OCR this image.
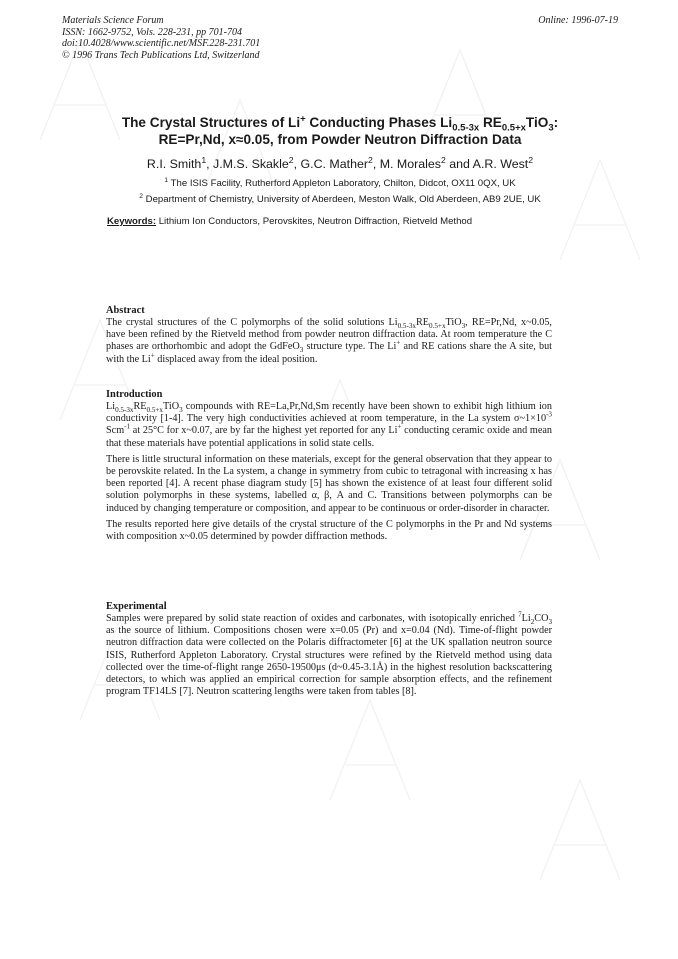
Materials Science Forum
ISSN: 1662-9752, Vols. 228-231, pp 701-704
doi:10.4028/www.scientific.net/MSF.228-231.701
© 1996 Trans Tech Publications Ltd, Switzerland
Online: 1996-07-19
The Crystal Structures of Li+ Conducting Phases $Li_{0.5-3x}$ $RE_{0.5+x}TiO_3$:
RE=Pr,Nd, x≈0.05, from Powder Neutron Diffraction Data
R.I. Smith$^1$, J.M.S. Skakle$^2$, G.C. Mather$^2$, M. Morales$^2$ and A.R. West$^2$
$^1$ The ISIS Facility, Rutherford Appleton Laboratory, Chilton, Didcot, OX11 0QX, UK
$^2$ Department of Chemistry, University of Aberdeen, Meston Walk, Old Aberdeen, AB9 2UE, UK
Keywords: Lithium Ion Conductors, Perovskites, Neutron Diffraction, Rietveld Method

Abstract

The crystal structures of the C polymorphs of the solid solutions $Li_{0.5-3x}RE_{0.5+x}TiO_3$, RE=Pr,Nd, x~0.05, have been refined by the Rietveld method from powder neutron diffraction data. At room temperature the C phases are orthorhombic and adopt the GdFeO$_3$ structure type. The Li+ and RE cations share the A site, but with the Li+ displaced away from the ideal position.

Introduction

$Li_{0.5-3x}RE_{0.5+x}TiO_3$ compounds with RE=La,Pr,Nd,Sm recently have been shown to exhibit high lithium ion conductivity [1-4]. The very high conductivities achieved at room temperature, in the La system $\sigma\sim 1\times 10^{-3}$ Scm$^{-1}$ at 25°C for x~0.07, are by far the highest yet reported for any Li+ conducting ceramic oxide and mean that these materials have potential applications in solid state cells.

There is little structural information on these materials, except for the general observation that they appear to be perovskite related. In the La system, a change in symmetry from cubic to tetragonal with increasing x has been reported [4]. A recent phase diagram study [5] has shown the existence of at least four different solid solution polymorphs in these systems, labelled α, β, A and C. Transitions between polymorphs can be induced by changing temperature or composition, and appear to be continuous or order-disorder in character.

The results reported here give details of the crystal structure of the C polymorphs in the Pr and Nd systems with composition x~0.05 determined by powder diffraction methods.

Experimental

Samples were prepared by solid state reaction of oxides and carbonates, with isotopically enriched $^7Li_2CO_3$ as the source of lithium. Compositions chosen were x=0.05 (Pr) and x=0.04 (Nd). Time-of-flight powder neutron diffraction data were collected on the Polaris diffractometer [6] at the UK spallation neutron source ISIS, Rutherford Appleton Laboratory. Crystal structures were refined by the Rietveld method using data collected over the time-of-flight range 2650-19500μs (d~0.45-3.1Å) in the highest resolution backscattering detectors, to which was applied an empirical correction for sample absorption effects, and the refinement program TF14LS [7]. Neutron scattering lengths were taken from tables [8].
